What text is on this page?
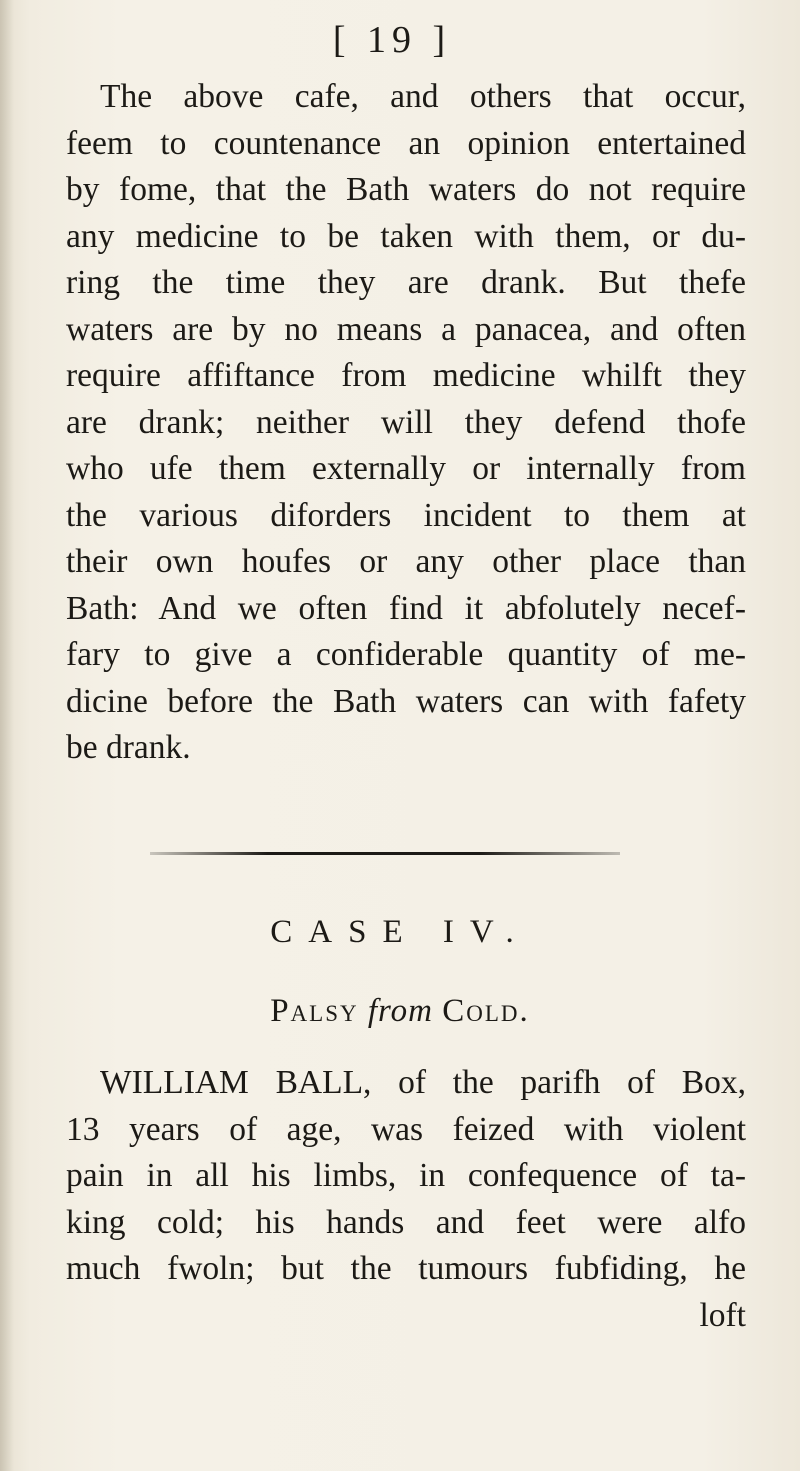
[ 19 ]
The above cafe, and others that occur,
feem to countenance an opinion entertained
by fome, that the Bath waters do not require
any medicine to be taken with them, or du-
ring the time they are drank. But thefe
waters are by no means a panacea, and often
require affiftance from medicine whilft they
are drank; neither will they defend thofe
who ufe them externally or internally from
the various diforders incident to them at
their own houfes or any other place than
Bath: And we often find it abfolutely necef-
fary to give a confiderable quantity of me-
dicine before the Bath waters can with fafety
be drank.
CASE IV.
Palsy from Cold.
WILLIAM BALL, of the parifh of Box,
13 years of age, was feized with violent
pain in all his limbs, in confequence of ta-
king cold; his hands and feet were alfo
much fwoln; but the tumours fubfiding, he
loft
